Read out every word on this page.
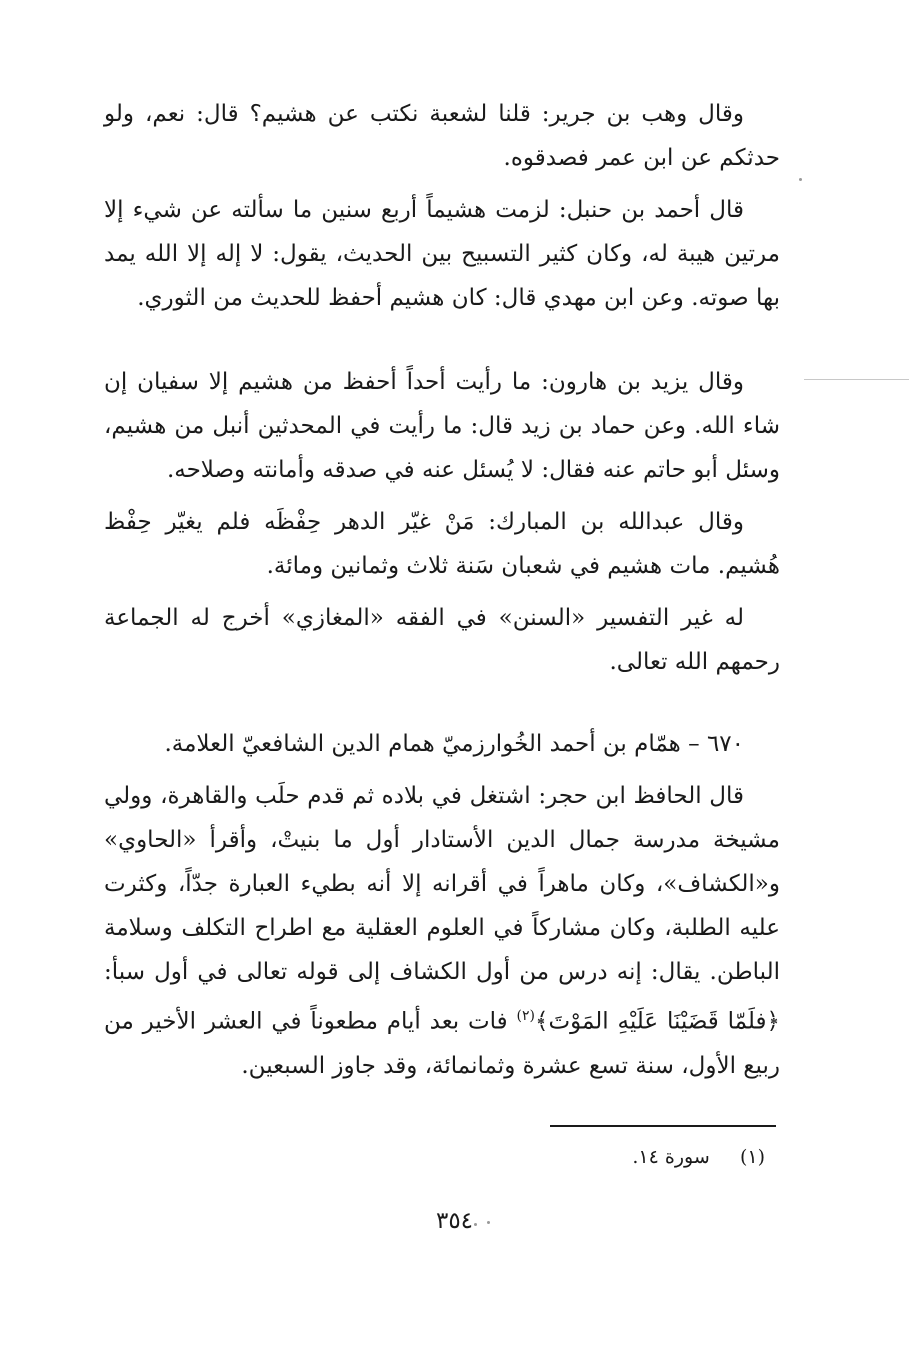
وقال وهب بن جرير: قلنا لشعبة نكتب عن هشيم؟ قال: نعم، ولو حدثكم عن ابن عمر فصدقوه.

قال أحمد بن حنبل: لزمت هشيماً أربع سنين ما سألته عن شيء إلا مرتين هيبة له، وكان كثير التسبيح بين الحديث، يقول: لا إله إلا الله يمد بها صوته. وعن ابن مهدي قال: كان هشيم أحفظ للحديث من الثوري.

وقال يزيد بن هارون: ما رأيت أحداً أحفظ من هشيم إلا سفيان إن شاء الله. وعن حماد بن زيد قال: ما رأيت في المحدثين أنبل من هشيم، وسئل أبو حاتم عنه فقال: لا يُسئل عنه في صدقه وأمانته وصلاحه.

وقال عبدالله بن المبارك: مَنْ غيّر الدهر حِفْظَه فلم يغيّر حِفْظ هُشيم. مات هشيم في شعبان سَنة ثلاث وثمانين ومائة.

له غير التفسير «السنن» في الفقه «المغازي» أخرج له الجماعة رحمهم الله تعالى.

٦٧٠ – همّام بن أحمد الخُوارزميّ همام الدين الشافعيّ العلامة.

قال الحافظ ابن حجر: اشتغل في بلاده ثم قدم حلَب والقاهرة، وولي مشيخة مدرسة جمال الدين الأستادار أول ما بنيتْ، وأقرأ «الحاوي» و«الكشاف»، وكان ماهراً في أقرانه إلا أنه بطيء العبارة جدّاً، وكثرت عليه الطلبة، وكان مشاركاً في العلوم العقلية مع اطراح التكلف وسلامة الباطن. يقال: إنه درس من أول الكشاف إلى قوله تعالى في أول سبأ: ﴿فلَمّا قَضَيْنَا عَلَيْهِ المَوْتَ﴾$^{(٢)}$ فات بعد أيام مطعوناً في العشر الأخير من ربيع الأول، سنة تسع عشرة وثمانمائة، وقد جاوز السبعين.

(١)     سورة ١٤.
٣٥٤
